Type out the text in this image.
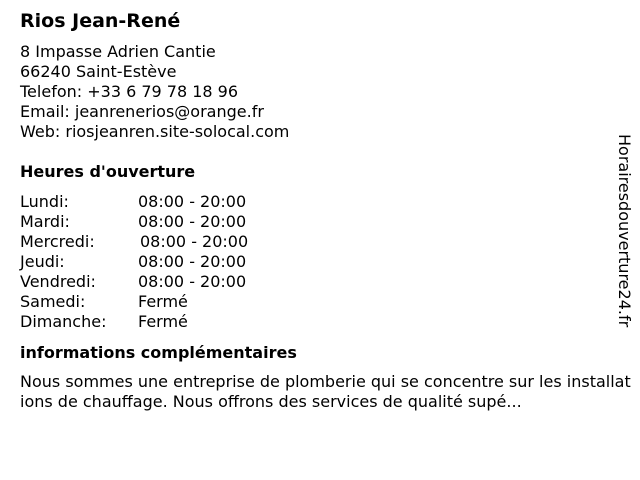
Rios Jean-René
8 Impasse Adrien Cantie
66240 Saint-Estève
Telefon: +33 6 79 78 18 96
Email: jeanrenerios@orange.fr
Web: riosjeanren.site-solocal.com
Heures d'ouverture
Lundi:	08:00 - 20:00
Mardi:	08:00 - 20:00
Mercredi:	08:00 - 20:00
Jeudi:	08:00 - 20:00
Vendredi:	08:00 - 20:00
Samedi:	Fermé
Dimanche: Fermé
informations complémentaires
Nous sommes une entreprise de plomberie qui se concentre sur les installations de chauffage. Nous offrons des services de qualité supé...
Horairesdouverture24.fr
